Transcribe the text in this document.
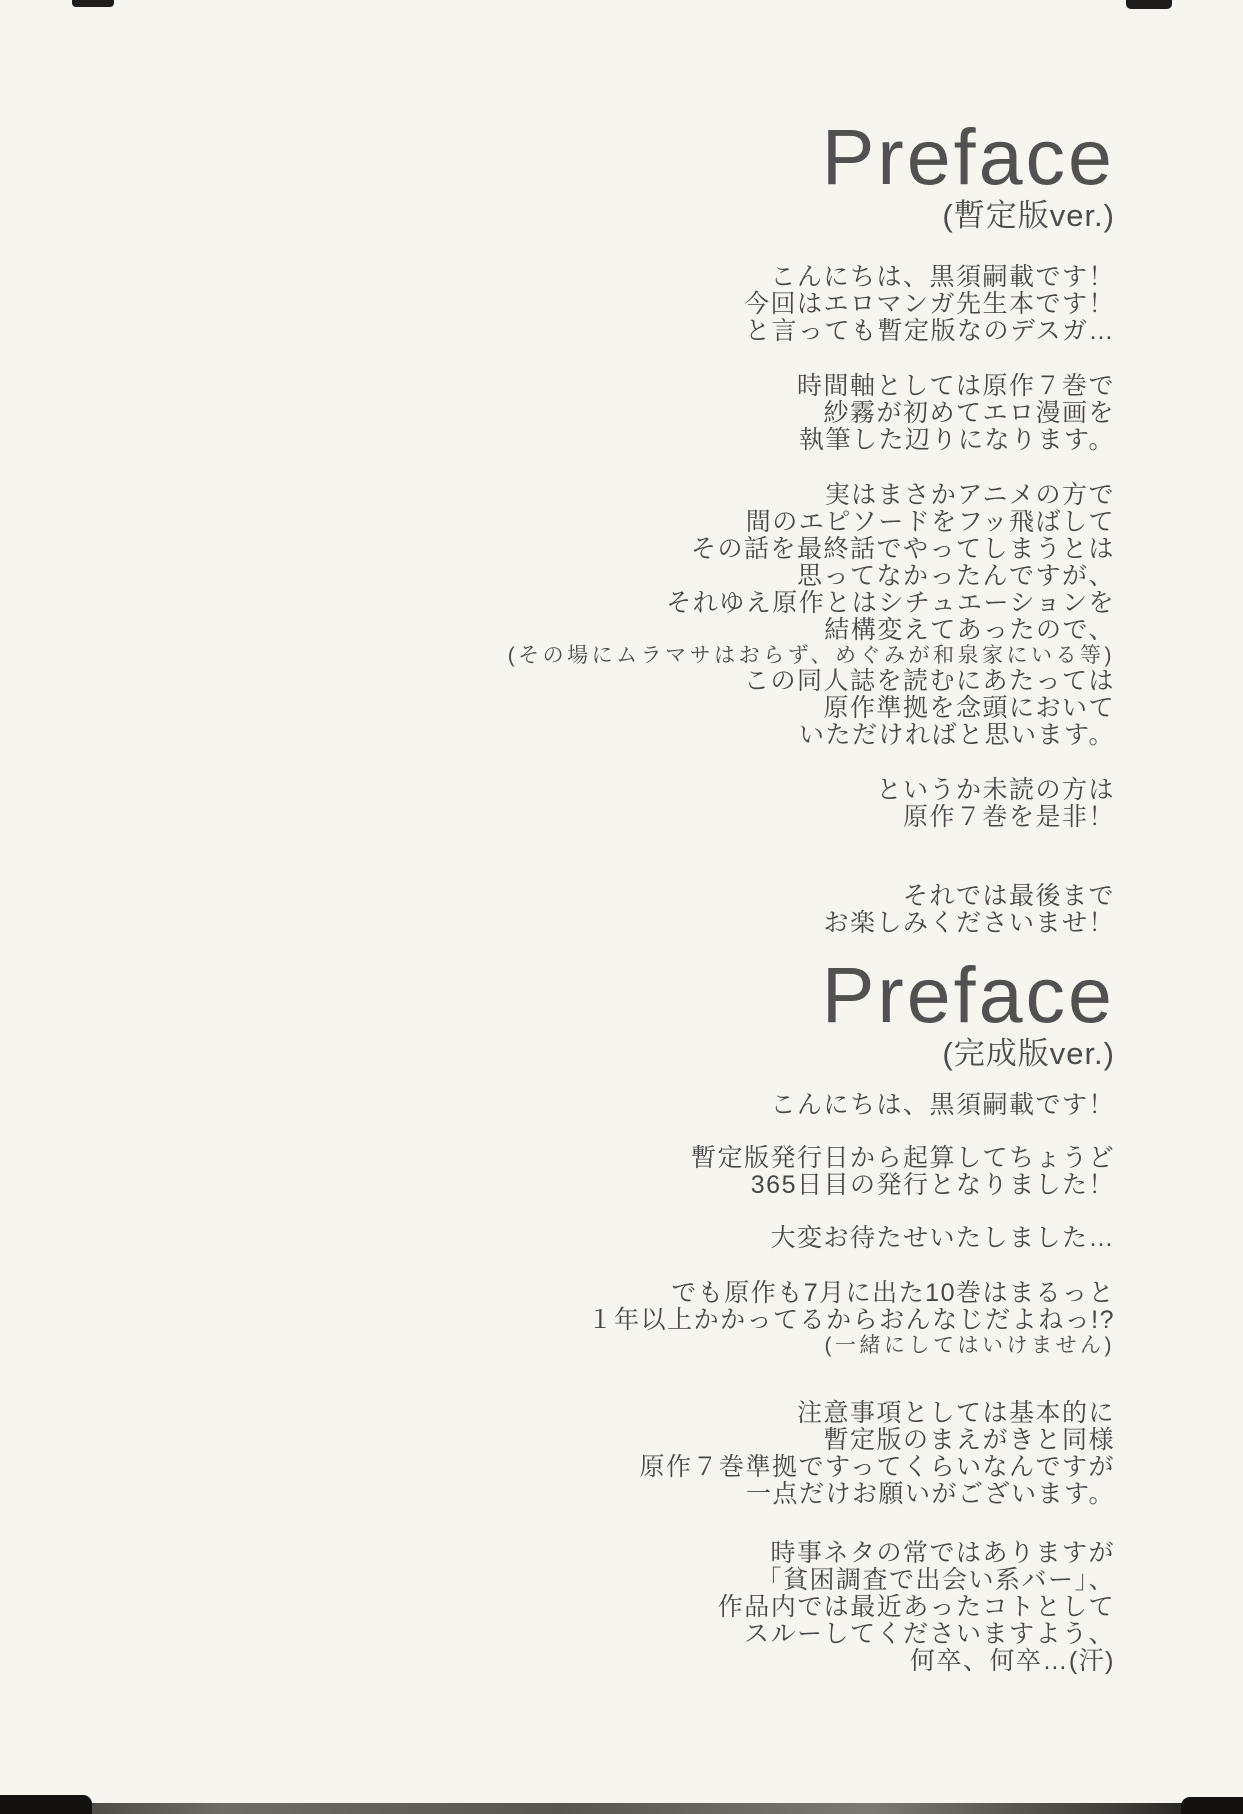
Preface
(暫定版ver.)
こんにちは、黒須嗣載です！
今回はエロマンガ先生本です！
と言っても暫定版なのデスガ…
時間軸としては原作７巻で
紗霧が初めてエロ漫画を
執筆した辺りになります。
実はまさかアニメの方で
間のエピソードをフッ飛ばして
その話を最終話でやってしまうとは
思ってなかったんですが、
それゆえ原作とはシチュエーションを
結構変えてあったので、
(その場にムラマサはおらず、めぐみが和泉家にいる等)
この同人誌を読むにあたっては
原作準拠を念頭において
いただければと思います。
というか未読の方は
原作７巻を是非！
それでは最後まで
お楽しみくださいませ！
Preface
(完成版ver.)
こんにちは、黒須嗣載です！
暫定版発行日から起算してちょうど
365日目の発行となりました！
大変お待たせいたしました…
でも原作も7月に出た10巻はまるっと
１年以上かかってるからおんなじだよねっ!?
(一緒にしてはいけません)
注意事項としては基本的に
暫定版のまえがきと同様
原作７巻準拠ですってくらいなんですが
一点だけお願いがございます。
時事ネタの常ではありますが
「貧困調査で出会い系バー」、
作品内では最近あったコトとして
スルーしてくださいますよう、
何卒、何卒…(汗)
